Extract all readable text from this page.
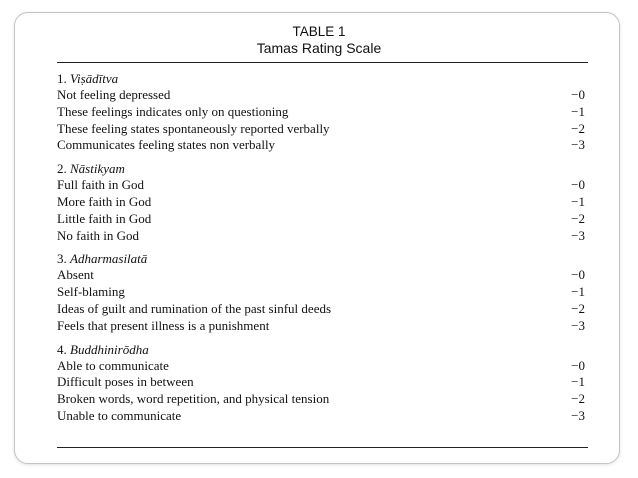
TABLE 1
Tamas Rating Scale
1. Viṣādītva
Not feeling depressed	−0
These feelings indicates only on questioning	−1
These feeling states spontaneously reported verbally	−2
Communicates feeling states non verbally	−3
2. Nāstikyam
Full faith in God	−0
More faith in God	−1
Little faith in God	−2
No faith in God	−3
3. Adharmasilatā
Absent	−0
Self-blaming	−1
Ideas of guilt and rumination of the past sinful deeds	−2
Feels that present illness is a punishment	−3
4. Buddhinirōdha
Able to communicate	−0
Difficult poses in between	−1
Broken words, word repetition, and physical tension	−2
Unable to communicate	−3
